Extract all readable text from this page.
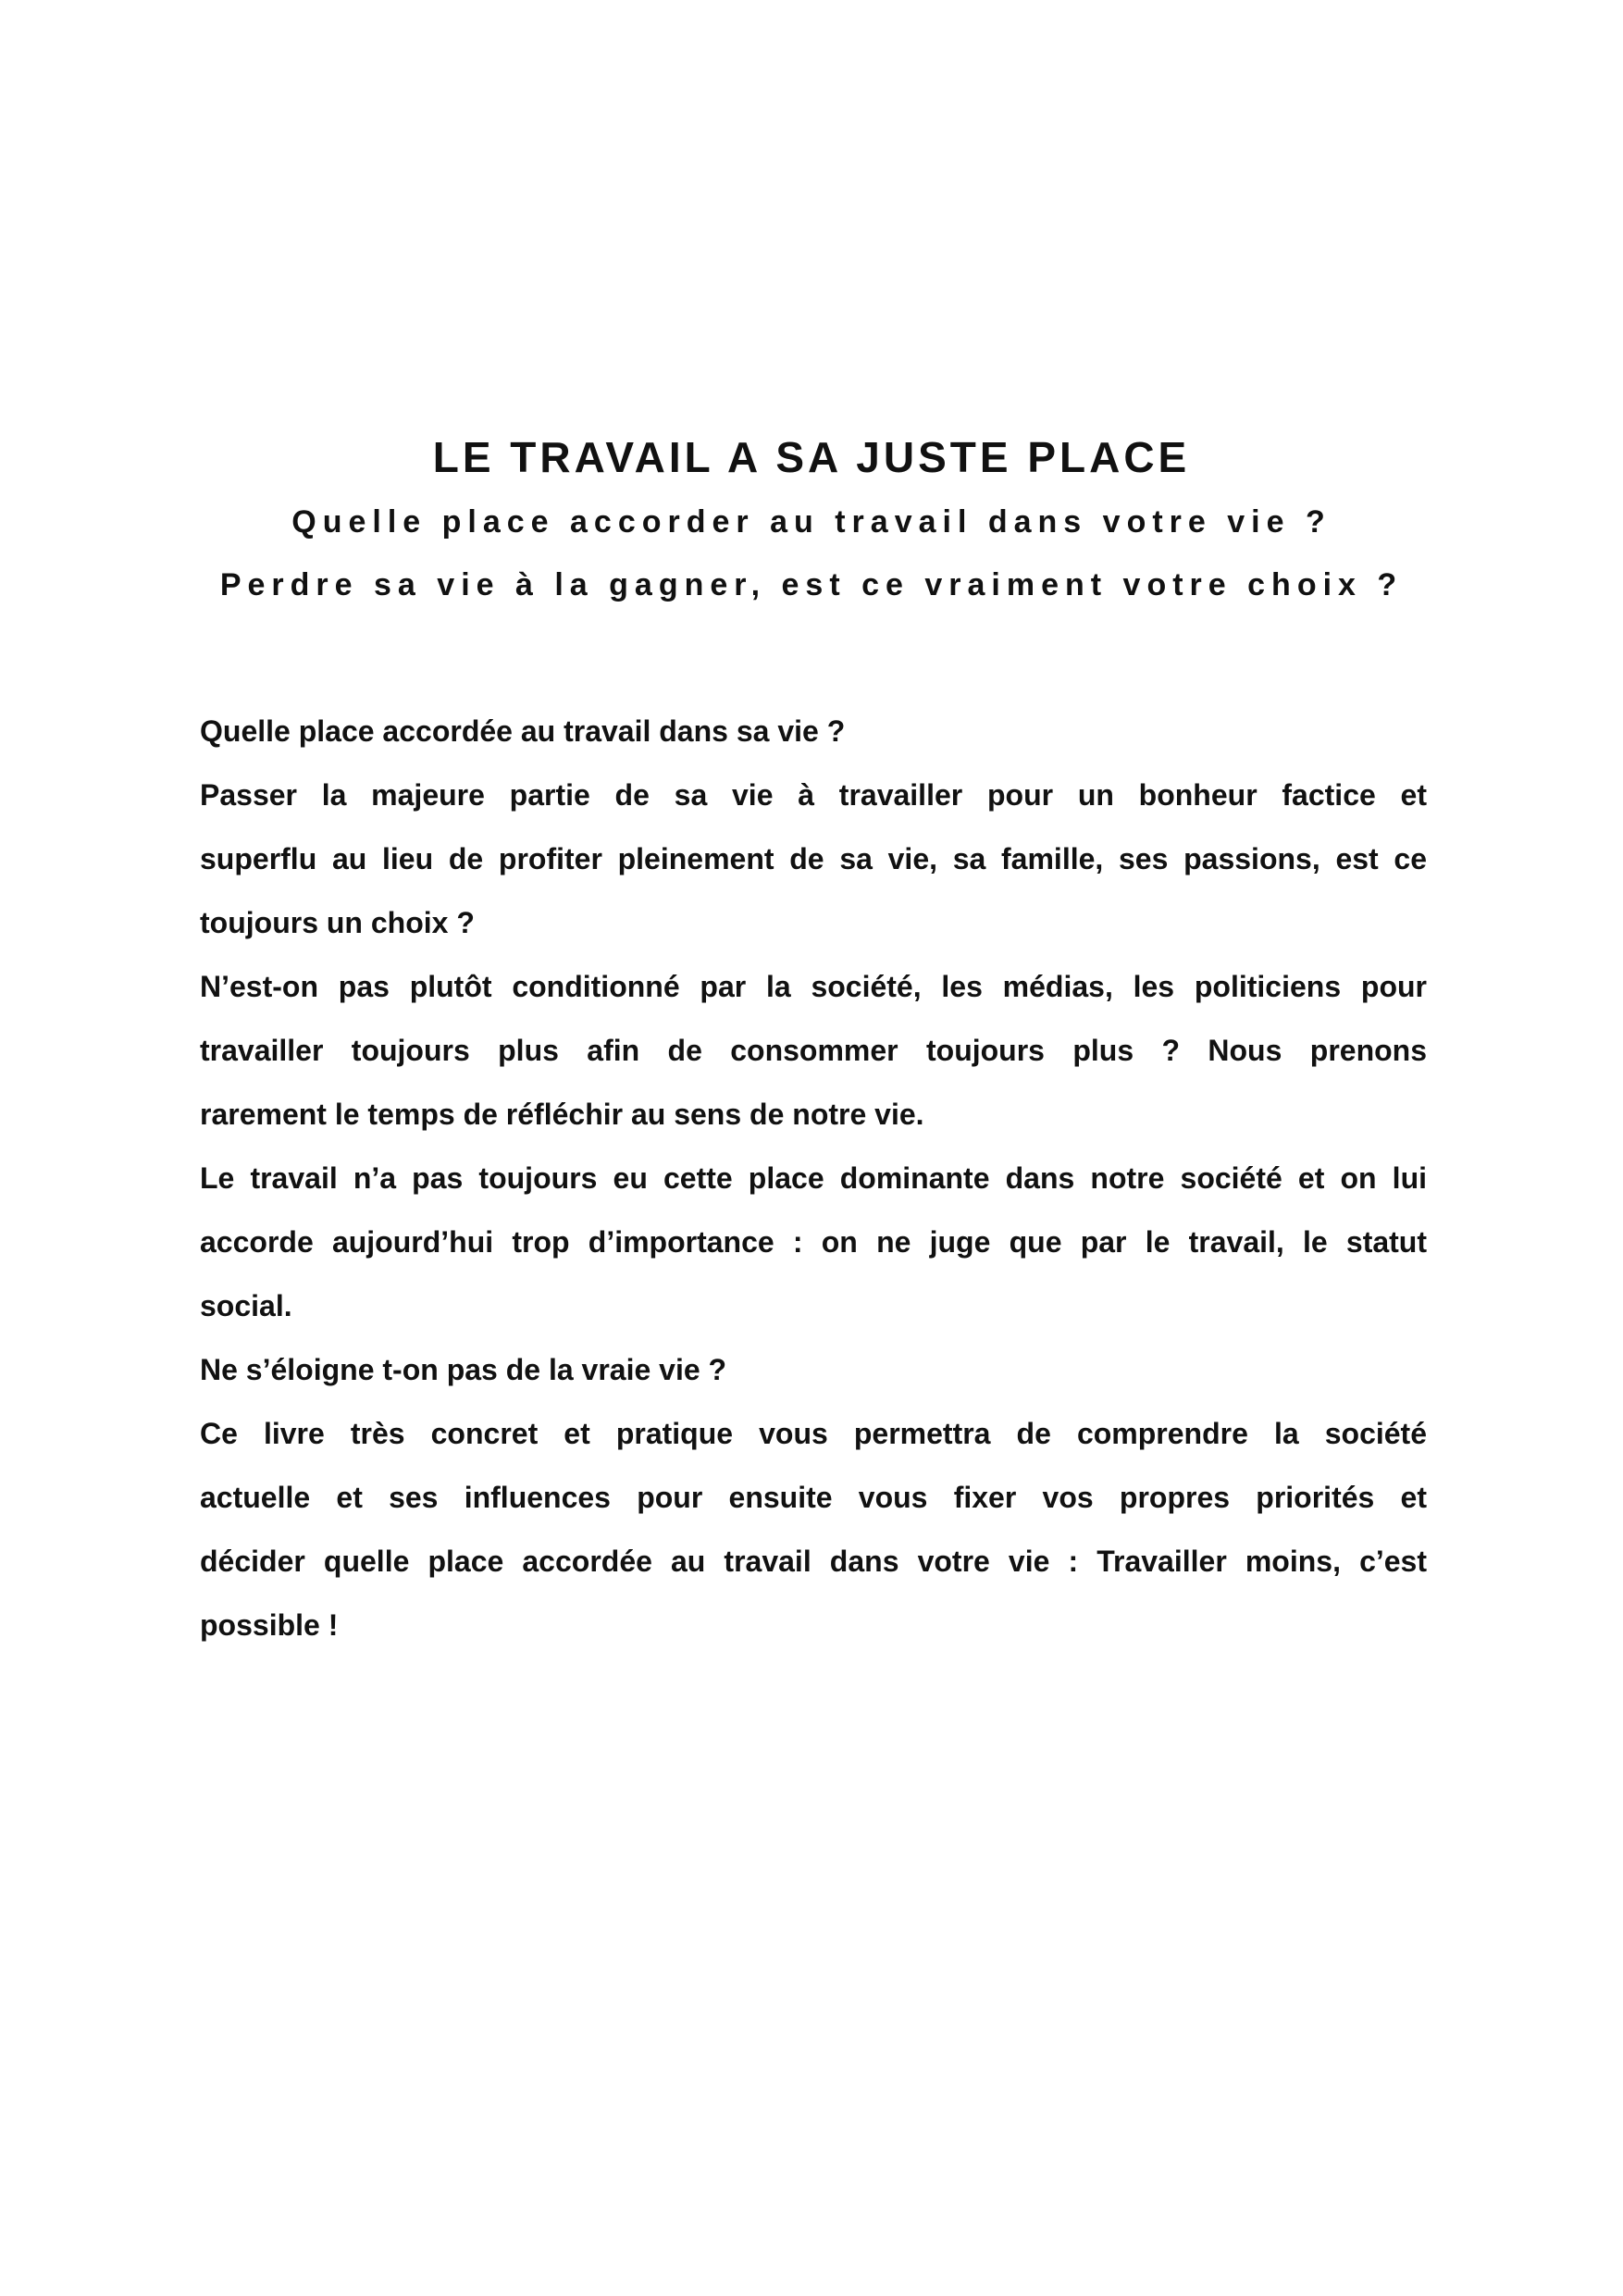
LE TRAVAIL A SA JUSTE PLACE

Quelle place accorder au travail dans votre vie ?

Perdre sa vie à la gagner, est ce vraiment votre choix ?

Quelle place accordée au travail dans sa vie ?
Passer la majeure partie de sa vie à travailler pour un bonheur factice et
superflu au lieu de profiter pleinement de sa vie, sa famille, ses passions, est ce
toujours un choix ?
N’est-on pas plutôt conditionné par la société, les médias, les politiciens pour
travailler toujours plus afin de consommer toujours plus ? Nous prenons
rarement le temps de réfléchir au sens de notre vie.
Le travail n’a pas toujours eu cette place dominante dans notre société et on lui
accorde aujourd’hui trop d’importance : on ne juge que par le travail, le statut
social.
Ne s’éloigne t-on pas de la vraie vie ?
Ce livre très concret et pratique vous permettra de comprendre la société
actuelle et ses influences pour ensuite vous fixer vos propres priorités et
décider quelle place accordée au travail dans votre vie : Travailler moins, c’est
possible !
